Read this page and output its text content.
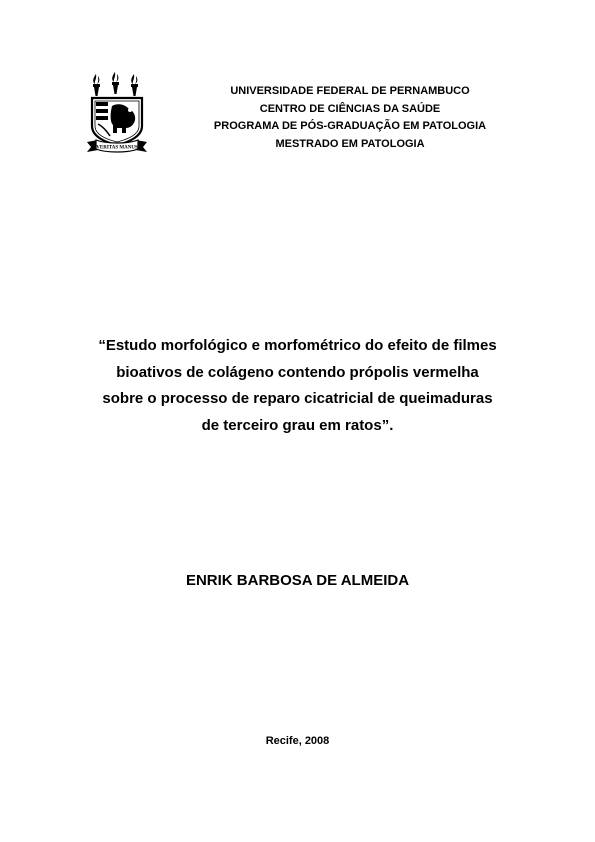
VERITAS MANUS
UNIVERSIDADE FEDERAL DE PERNAMBUCO
CENTRO DE CIÊNCIAS DA SAÚDE
PROGRAMA DE PÓS-GRADUAÇÃO EM PATOLOGIA
MESTRADO EM PATOLOGIA
“Estudo morfológico e morfométrico do efeito de filmes
bioativos de colágeno contendo própolis vermelha
sobre o processo de reparo cicatricial de queimaduras
de terceiro grau em ratos”.
ENRIK BARBOSA DE ALMEIDA
Recife, 2008
